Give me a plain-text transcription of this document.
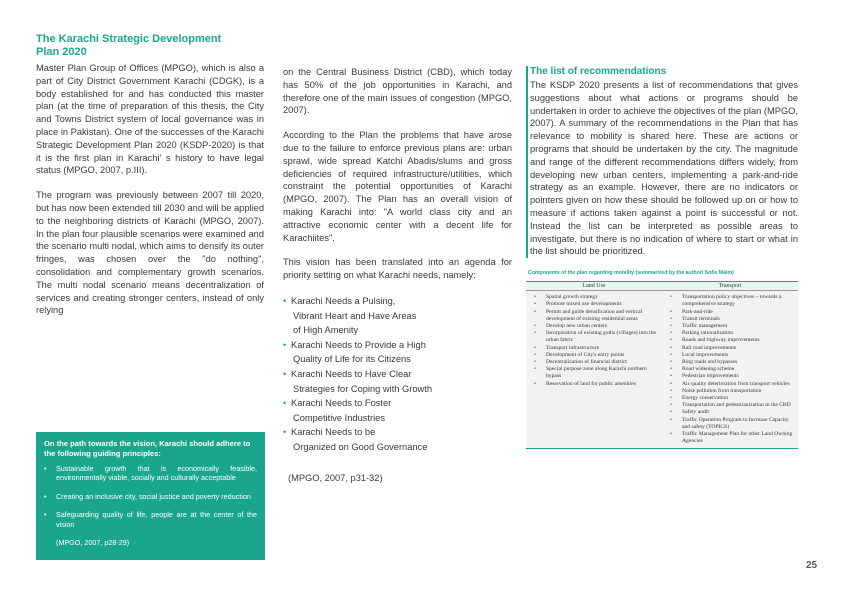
The Karachi Strategic Development
Plan 2020

Master Plan Group of Offices (MPGO), which is also a part of City District Government Karachi (CDGK), is a body established for and has conducted this master plan (at the time of preparation of this thesis, the City and Towns District system of local governance was in place in Pakistan). One of the successes of the Karachi Strategic Development Plan 2020 (KSDP-2020) is that it is the first plan in Karachi' s history to have legal status (MPGO, 2007, p.III).

The program was previously between 2007 till 2020, but has now been extended till 2030 and will be applied to the neighboring districts of Karachi (MPGO, 2007). In the plan four plausible scenarios were examined and the scenario multi nodal, which aims to densify its outer fringes, was chosen over the "do nothing", consolidation and complementary growth scenarios. The multi nodal scenario means decentralization of services and creating stronger centers, instead of only relying

On the path towards the vision, Karachi should adhere to the following guiding principles:
• Sustainable growth that is economically feasible, environmentally viable, socially and culturally acceptable
• Creating an inclusive city, social justice and poverty reduction
• Safeguarding quality of life, people are at the center of the vision
(MPGO, 2007, p28-29)

on the Central Business District (CBD), which today has 50% of the job opportunities in Karachi, and therefore one of the main issues of congestion (MPGO, 2007).

According to the Plan the problems that have arose due to the failure to enforce previous plans are: urban sprawl, wide spread Katchi Abadis/slums and gross deficiencies of required infrastructure/utilities, which constraint the potential opportunities of Karachi (MPGO, 2007). The Plan has an overall vision of making Karachi into: "A world class city and an attractive economic center with a decent life for Karachiites".

This vision has been translated into an agenda for priority setting on what Karachi needs, namely:

• Karachi Needs a Pulsing,
Vibrant Heart and Have Areas
of High Amenity
• Karachi Needs to Provide a High
Quality of Life for its Citizens
• Karachi Needs to Have Clear
Strategies for Coping with Growth
• Karachi Needs to Foster
Competitive Industries
• Karachi Needs to be
Organized on Good Governance
(MPGO, 2007, p31-32)
The list of recommendations

The KSDP 2020 presents a list of recommendations that gives suggestions about what actions or programs should be undertaken in order to achieve the objectives of the plan (MPGO, 2007). A summary of the recommendations in the Plan that has relevance to mobility is shared here. These are actions or programs that should be undertaken by the city. The magnitude and range of the different recommendations differs widely, from developing new urban centers, implementing a park-and-ride strategy as an example. However, there are no indicators or pointers given on how these should be followed up on or how to measure if actions taken against a point is successful or not. Instead the list can be interpreted as possible areas to investigate, but there is no indication of where to start or what in the list should be prioritized.

Components of the plan regarding mobility (summarized by the author/ Sofie Malm)
Land Use	Transport
• Spatial growth strategy
• Promote mixed use developments
• Permit and guide densification and vertical development of existing residential areas
• Develop new urban centers
• Incorporation of existing goths (villages) into the urban fabric
• Transport infrastructure
• Development of City's entry points
• Decentralization of financial district
• Special purpose zone along Karachi northern bypass
• Reservation of land for public amenities
• Transportation policy objectives – towards a comprehensive strategy
• Park-and-ride
• Transit terminals
• Traffic management
• Parking rationalization
• Roads and highway improvements
• Rail road improvements
• Local improvements
• Ring roads and bypasses
• Road widening scheme
• Pedestrian improvements
• Air quality deterioration from transport vehicles
• Noise pollution from transportation
• Energy conservation
• Transportation and pedestrianization in the CBD
• Safety audit
• Traffic Operation Program to Increase Capacity and safety (TOPICS)
• Traffic Management Plan for other Land Owning Agencies
25
